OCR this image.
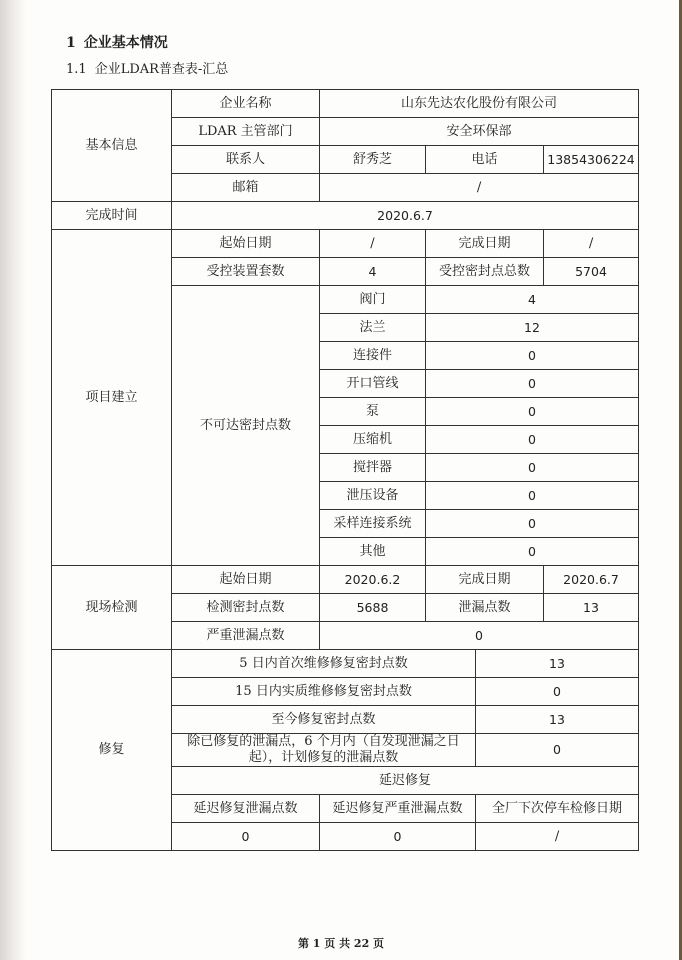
1 企业基本情况
1.1 企业LDAR普查表-汇总
基本信息	企业名称	山东先达农化股份有限公司			
	LDAR 主管部门	安全环保部			
	联系人	舒秀芝	电话		13854306224
	邮箱	/			
完成时间	2020.6.7				
项目建立	起始日期	/	完成日期		/
	受控装置套数	4	受控密封点总数		5704
	不可达密封点数	阀门	4		
		法兰	12		
		连接件	0		
		开口管线	0		
		泵	0		
		压缩机	0		
		搅拌器	0		
		泄压设备	0		
		采样连接系统	0		
		其他	0		
现场检测	起始日期	2020.6.2	完成日期		2020.6.7
	检测密封点数	5688	泄漏点数		13
	严重泄漏点数	0			
修复	5 日内首次维修修复密封点数			13	
	15 日内实质维修修复密封点数			0	
	至今修复密封点数			13	
	除已修复的泄漏点，6 个月内（自发现泄漏之日起），计划修复的泄漏点数			0	
	延迟修复				
	延迟修复泄漏点数	延迟修复严重泄漏点数		全厂下次停车检修日期	
	0	0		/	
第 1 页 共 22 页
